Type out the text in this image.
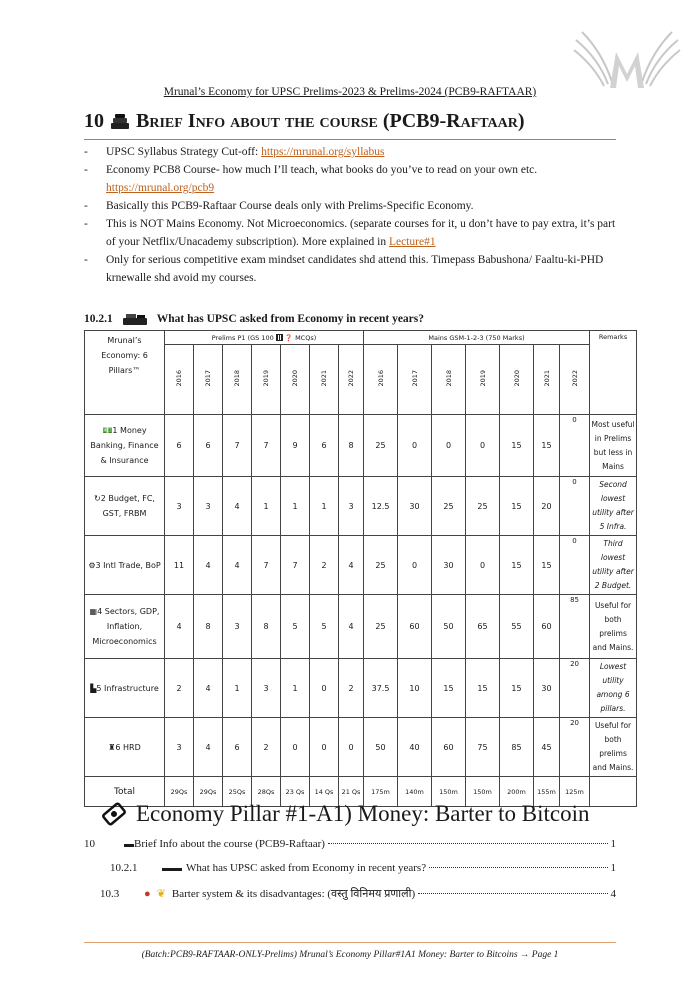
Mrunal’s Economy for UPSC Prelims-2023 & Prelims-2024 (PCB9-RAFTAAR)
10 Brief Info about the course (PCB9-Raftaar)
- UPSC Syllabus Strategy Cut-off: https://mrunal.org/syllabus
- Economy PCB8 Course- how much I’ll teach, what books do you’ve to read on your own etc. https://mrunal.org/pcb9
- Basically this PCB9-Raftaar Course deals only with Prelims-Specific Economy.
- This is NOT Mains Economy. Not Microeconomics. (separate courses for it, u don’t have to pay extra, it’s part of your Netflix/Unacademy subscription). More explained in Lecture#1
- Only for serious competitive exam mindset candidates shd attend this. Timepass Babushona/ Faaltu-ki-PHD krnewalle shd avoid my courses.
10.2.1	What has UPSC asked from Economy in recent years?
Mrunal’s Economy: 6 Pillars™	Prelims P1 (GS 100  ❓ MCQs)							Mains GSM-1-2-3 (750 Marks)							Remarks
	2016	2017	2018	2019	2020	2021	2022	2016	2017	2018	2019	2020	2021	2022	
💵1 Money Banking, Finance & Insurance	6	6	7	7	9	6	8	25	0	0	0	15	15	0	Most useful in Prelims but less in Mains
↻2 Budget, FC, GST, FRBM	3	3	4	1	1	1	3	12.5	30	25	25	15	20	0	Second lowest utility after 5 Infra.
⚙3 Intl Trade, BoP	11	4	4	7	7	2	4	25	0	30	0	15	15	0	Third lowest utility after 2 Budget.
▦4 Sectors, GDP, Inflation, Microeconomics	4	8	3	8	5	5	4	25	60	50	65	55	60	85	Useful for both prelims and Mains.
▙5 Infrastructure	2	4	1	3	1	0	2	37.5	10	15	15	15	30	20	Lowest utility among 6 pillars.
♜6 HRD	3	4	6	2	0	0	0	50	40	60	75	85	45	20	Useful for both prelims and Mains.
Total	29Qs	29Qs	25Qs	28Qs	23 Qs	14 Qs	21 Qs	175m	140m	150m	150m	200m	155m	125m	
Economy Pillar #1-A1) Money: Barter to Bitcoin
10	▬ Brief Info about the course (PCB9-Raftaar)	1
10.2.1	▬▬ What has UPSC asked from Economy in recent years?	1
10.3	● ❦ Barter system & its disadvantages: (वस्तु विनिमय प्रणाली)	4
(Batch:PCB9-RAFTAAR-ONLY-Prelims) Mrunal’s Economy Pillar#1A1 Money: Barter to Bitcoins → Page 1
